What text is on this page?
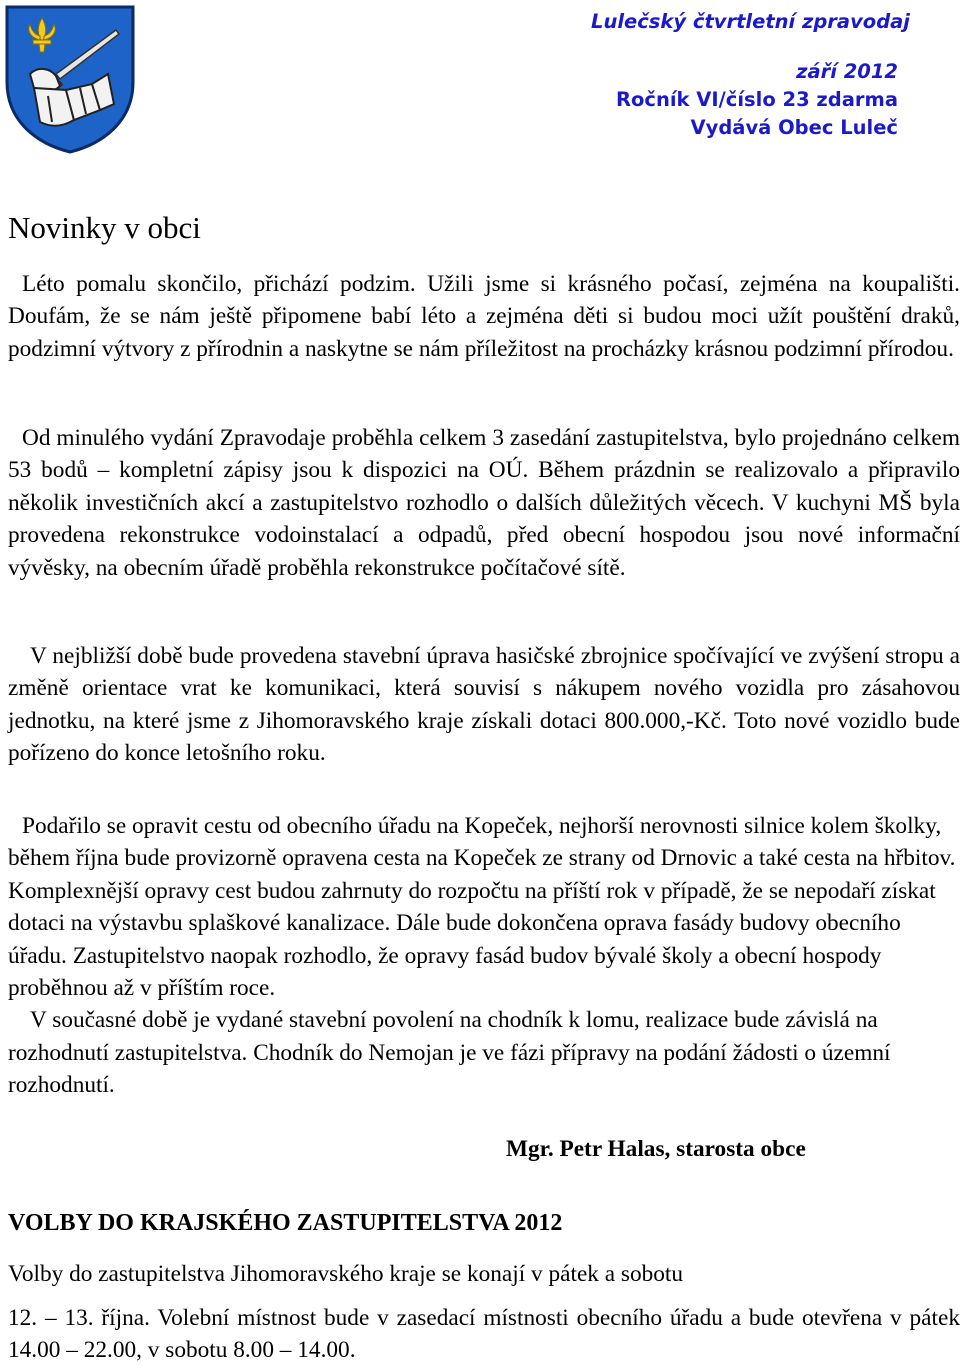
Lulečský čtvrtletní zpravodaj
září 2012
Ročník VI/číslo 23 zdarma
Vydává Obec Luleč
Novinky v obci

Léto pomalu skončilo, přichází podzim. Užili jsme si krásného počasí, zejména na koupališti. Doufám, že se nám ještě připomene babí léto a zejména děti si budou moci užít pouštění draků, podzimní výtvory z přírodnin a naskytne se nám příležitost na procházky krásnou podzimní přírodou.

Od minulého vydání Zpravodaje proběhla celkem 3 zasedání zastupitelstva, bylo projednáno celkem 53 bodů – kompletní zápisy jsou k dispozici na OÚ. Během prázdnin se realizovalo a připravilo několik investičních akcí a zastupitelstvo rozhodlo o dalších důležitých věcech. V kuchyni MŠ byla provedena rekonstrukce vodoinstalací a odpadů, před obecní hospodou jsou nové informační vývěsky, na obecním úřadě proběhla rekonstrukce počítačové sítě.

V nejbližší době bude provedena stavební úprava hasičské zbrojnice spočívající ve zvýšení stropu a změně orientace vrat ke komunikaci, která souvisí s nákupem nového vozidla pro zásahovou jednotku, na které jsme z Jihomoravského kraje získali dotaci 800.000,-Kč. Toto nové vozidlo bude pořízeno do konce letošního roku.

Podařilo se opravit cestu od obecního úřadu na Kopeček, nejhorší nerovnosti silnice kolem školky, během října bude provizorně opravena cesta na Kopeček ze strany od Drnovic a také cesta na hřbitov. Komplexnější opravy cest budou zahrnuty do rozpočtu na příští rok v případě, že se nepodaří získat dotaci na výstavbu splaškové kanalizace. Dále bude dokončena oprava fasády budovy obecního úřadu. Zastupitelstvo naopak rozhodlo, že opravy fasád budov bývalé školy a obecní hospody proběhnou až v příštím roce.
V současné době je vydané stavební povolení na chodník k lomu, realizace bude závislá na rozhodnutí zastupitelstva. Chodník do Nemojan je ve fázi přípravy na podání žádosti o územní rozhodnutí.

Mgr. Petr Halas, starosta obce

VOLBY DO KRAJSKÉHO ZASTUPITELSTVA 2012

Volby do zastupitelstva Jihomoravského kraje se konají v pátek a sobotu

12. – 13. října. Volební místnost bude v zasedací místnosti obecního úřadu a bude otevřena v pátek 14.00 – 22.00, v sobotu 8.00 – 14.00.
